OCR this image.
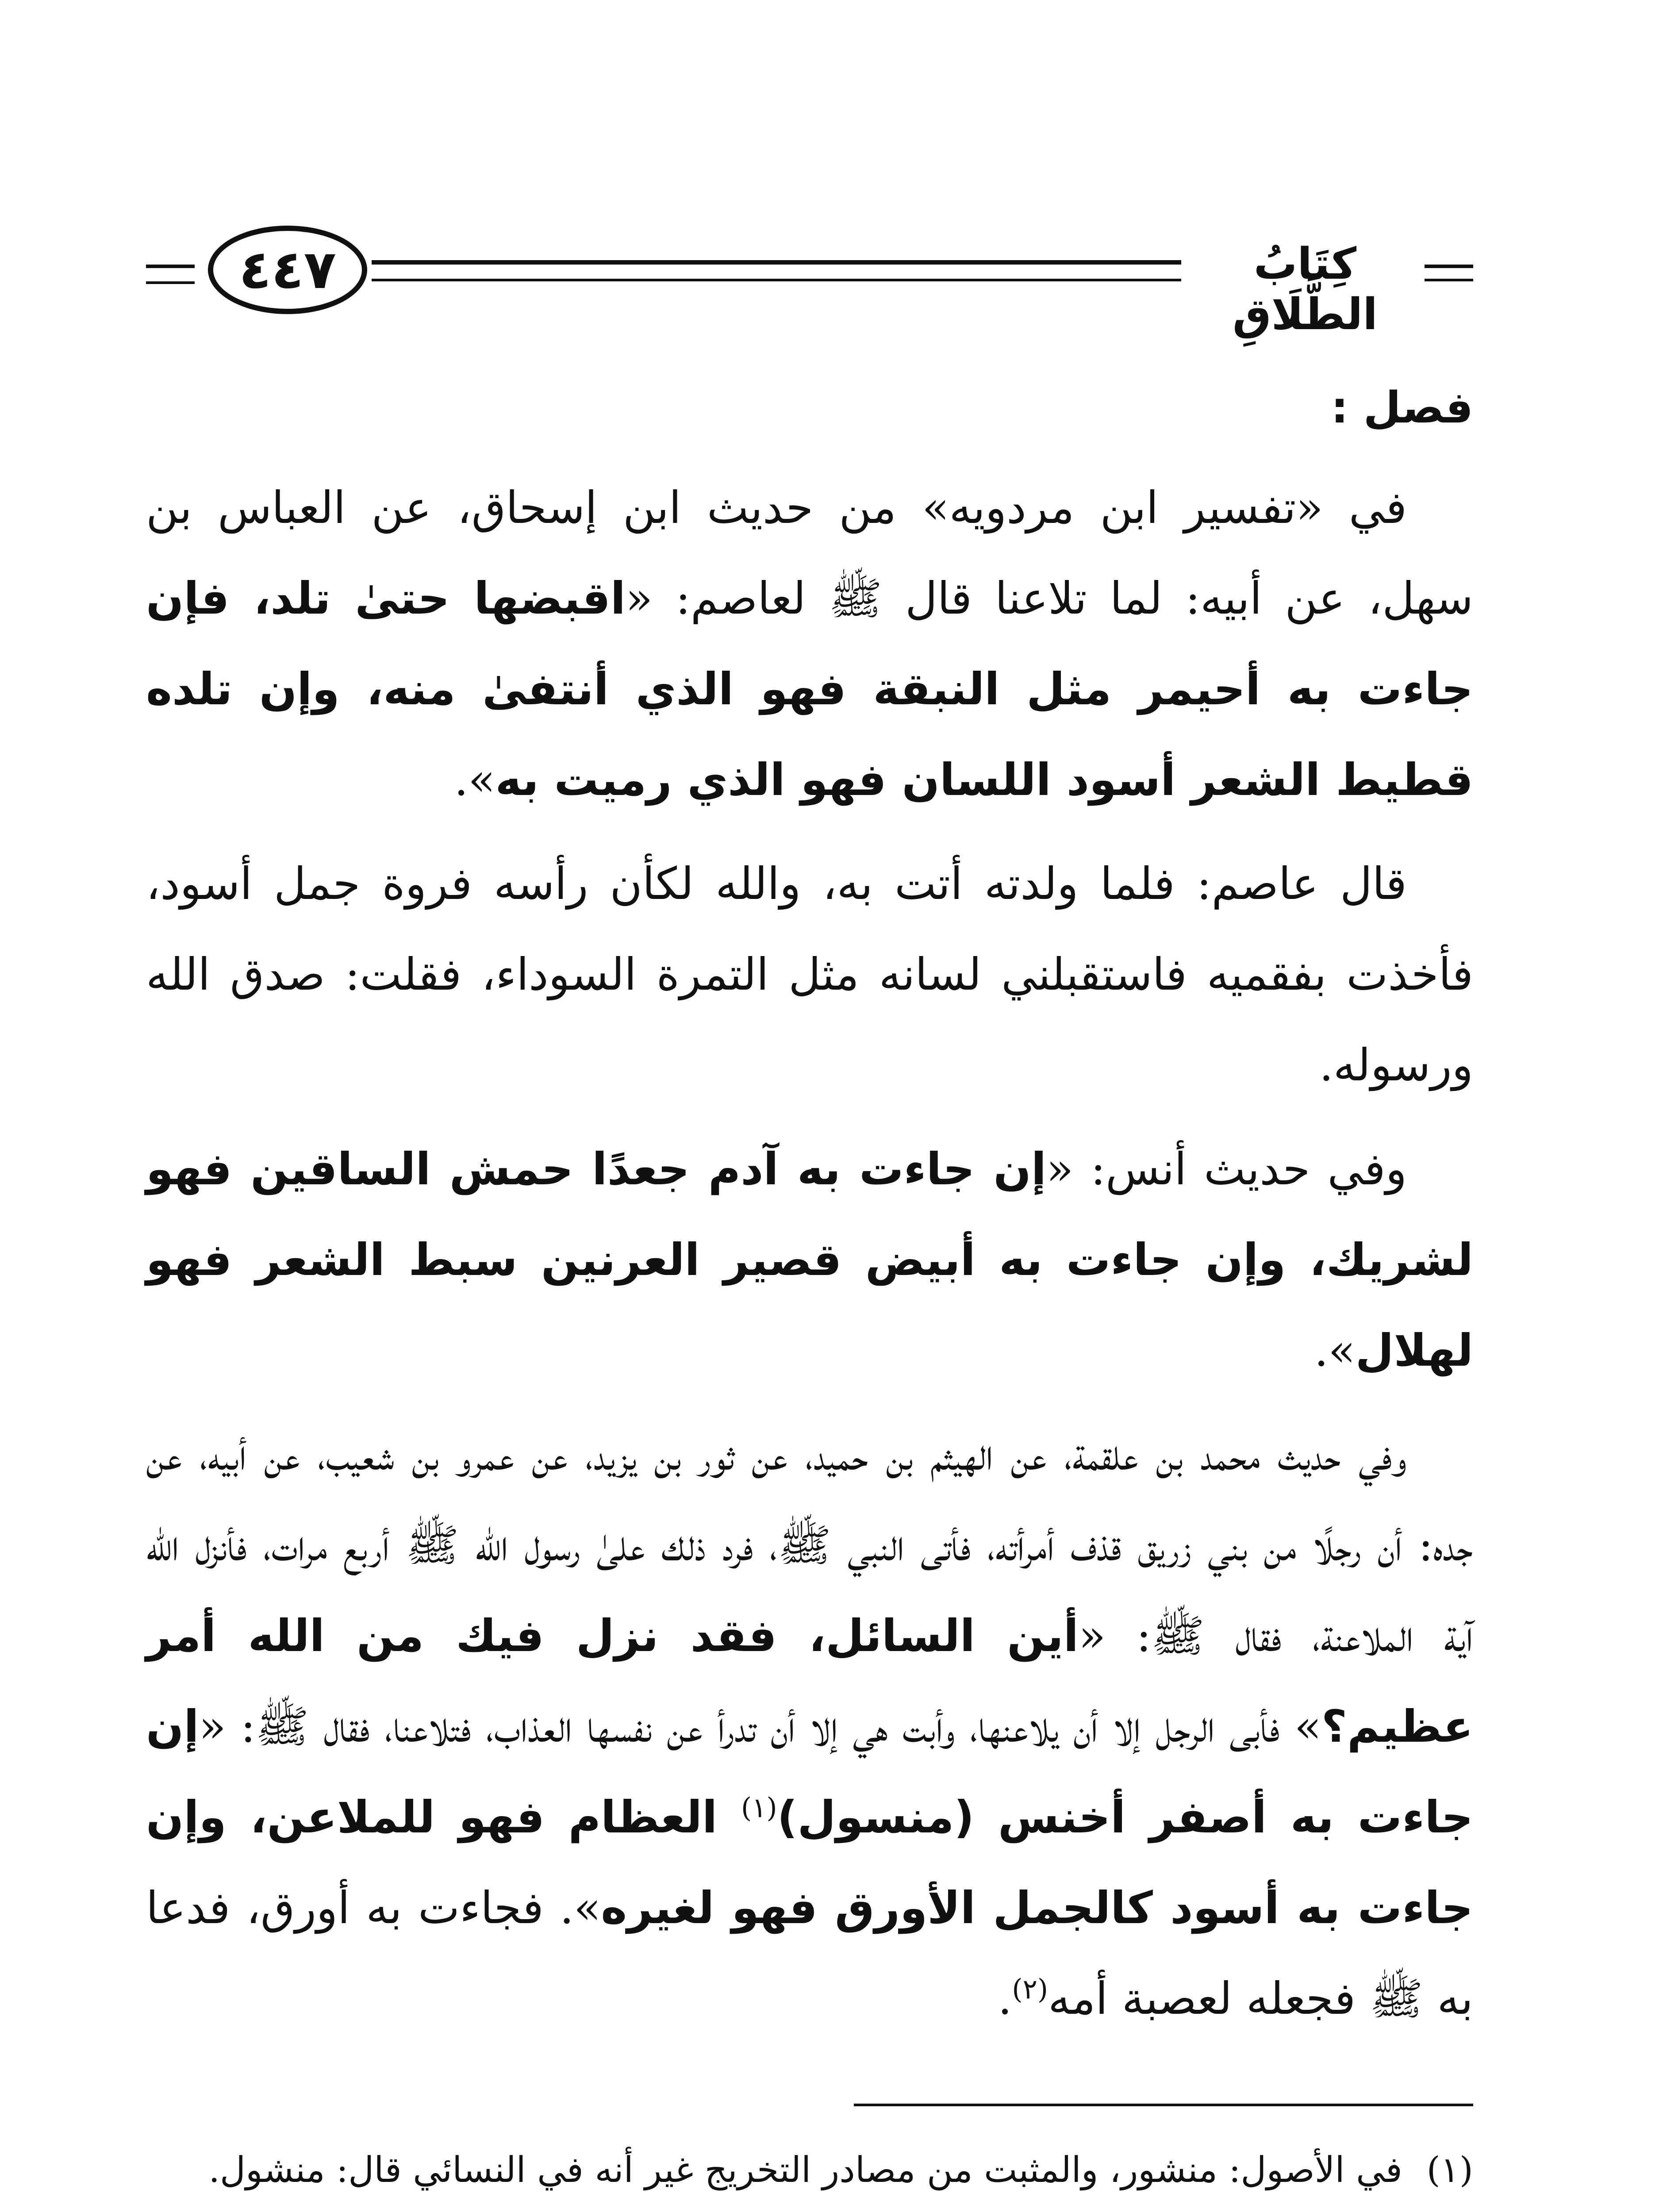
٤٤٧	كِتَابُ الطَّلَاقِ
فصل :

في «تفسير ابن مردويه» من حديث ابن إسحاق، عن العباس بن سهل، عن أبيه: لما تلاعنا قال ﷺ لعاصم: «اقبضها حتىٰ تلد، فإن جاءت به أحيمر مثل النبقة فهو الذي أنتفىٰ منه، وإن تلده قطيط الشعر أسود اللسان فهو الذي رميت به».

قال عاصم: فلما ولدته أتت به، والله لكأن رأسه فروة جمل أسود، فأخذت بفقميه فاستقبلني لسانه مثل التمرة السوداء، فقلت: صدق الله ورسوله.

وفي حديث أنس: «إن جاءت به آدم جعدًا حمش الساقين فهو لشريك، وإن جاءت به أبيض قصير العرنين سبط الشعر فهو لهلال».

وفي حديث محمد بن علقمة، عن الهيثم بن حميد، عن ثور بن يزيد، عن عمرو بن شعيب، عن أبيه، عن جده: أن رجلًا من بني زريق قذف أمرأته، فأتى النبي ﷺ، فرد ذلك علىٰ رسول الله ﷺ أربع مرات، فأنزل الله آية الملاعنة، فقال ﷺ: «أين السائل، فقد نزل فيك من الله أمر عظيم؟» فأبى الرجل إلا أن يلاعنها، وأبت هي إلا أن تدرأ عن نفسها العذاب، فتلاعنا، فقال ﷺ: «إن جاءت به أصفر أخنس (منسول)$^{(١)}$ العظام فهو للملاعن، وإن جاءت به أسود كالجمل الأورق فهو لغيره». فجاءت به أورق، فدعا به ﷺ فجعله لعصبة أمه$^{(٢)}$.

(١)
في الأصول: منشور، والمثبت من مصادر التخريج غير أنه في النسائي قال: منشول.
